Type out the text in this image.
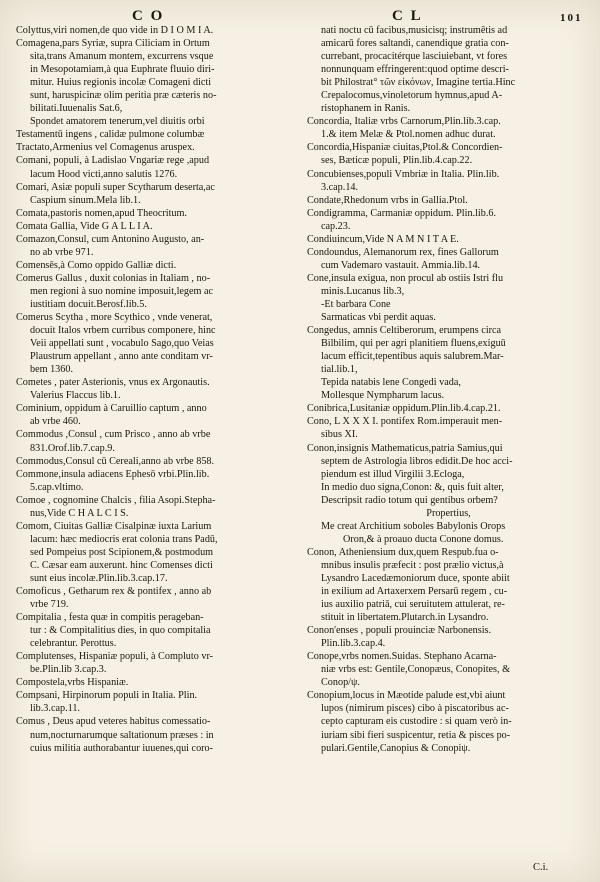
C O	C L	101

Colyttus,viri nomen,de quo vide in D I O M I A.

Comagena,pars Syriæ, supra Ciliciam in Ortum

sita,trans Amanum montem, excurrens vsque

in Mesopotamiam,à qua Euphrate fluuio diri-

mitur. Huius regionis incolæ Comageni dicti

sunt, haruspicinæ olim peritia præ cæteris no-

bilitati.Iuuenalis Sat.6,

Spondet amatorem tenerum,vel diuitis orbi

Testamentū ingens , calidæ pulmone columbæ

Tractato,Armenius vel Comagenus aruspex.

Comani, populi, à Ladislao Vngariæ rege ,apud

lacum Hood victi,anno salutis 1276.

Comari, Asiæ populi super Scytharum deserta,ac

Caspium sinum.Mela lib.1.

Comata,pastoris nomen,apud Theocritum.

Comata Gallia, Vide G A L L I A.

Comazon,Consul, cum Antonino Augusto, an-

no ab vrbe 971.

Comensēs,à Como oppido Galliæ dicti.

Comerus Gallus , duxit colonias in Italiam , no-

men regioni à suo nomine imposuit,legem ac

iustitiam docuit.Berosf.lib.5.

Comerus Scytha , more Scythico , vnde venerat,

docuit Italos vrbem curribus componere, hinc

Veii appellati sunt , vocabulo Sago,quo Veias

Plaustrum appellant , anno ante conditam vr-

bem 1360.

Cometes , pater Asterionis, vnus ex Argonautis.

Valerius Flaccus lib.1.

Cominium, oppidum à Caruillio captum , anno

ab vrbe 460.

Commodus ,Consul , cum Prisco , anno ab vrbe

831.Orof.lib.7.cap.9.

Commodus,Consul cū Cereali,anno ab vrbe 858.

Commone,insula adiacens Ephesō vrbi.Plin.lib.

5.cap.vltimo.

Comoe , cognomine Chalcis , filia Asopi.Stepha-

nus,Vide C H A L C I S.

Comom, Ciuitas Galliæ Cisalpinæ iuxta Larium

lacum: hæc mediocris erat colonia trans Padū,

sed Pompeius post Scipionem,& postmodum

C. Cæsar eam auxerunt. hinc Comenses dicti

sunt eius incolæ.Plin.lib.3.cap.17.

Comoficus , Getharum rex & pontifex , anno ab

vrbe 719.

Compitalia , festa quæ in compitis perageban-

tur : & Compitalitius dies, in quo compitalia

celebrantur. Perottus.

Complutenses, Hispaniæ populi, à Compluto vr-

be.Plin.lib 3.cap.3.

Compostela,vrbs Hispaniæ.

Compsani, Hirpinorum populi in Italia. Plin.

lib.3.cap.11.

Comus , Deus apud veteres habitus comessatio-

num,nocturnarumque saltationum præses : in

cuius militia authorabantur iuuenes,qui coro-

nati noctu cū facibus,musicisq; instrumētis ad

amicarū fores saltandi, canendique gratia con-

currebant, procacitérque lasciuiebant, vt fores

nonnunquam effringerent:quod optime descri-

bit Philostrat° τῶν εἰκόνων, Imagine tertia.Hinc

Crepalocomus,vinoletorum hymnus,apud A-

ristophanem in Ranis.

Concordia, Italiæ vrbs Carnorum,Plin.lib.3.cap.

1.& item Melæ & Ptol.nomen adhuc durat.

Concordia,Hispaniæ ciuitas,Ptol.& Concordien-

ses, Bæticæ populi, Plin.lib.4.cap.22.

Concubienses,populi Vmbriæ in Italia. Plin.lib.

3.cap.14.

Condate,Rhedonum vrbs in Gallia.Ptol.

Condigramma, Carmaniæ oppidum. Plin.lib.6.

cap.23.

Condiuincum,Vide N A M N I T A E.

Condoundus, Alemanorum rex, fines Gallorum

cum Vademaro vastauit. Ammia.lib.14.

Cone,insula exigua, non procul ab ostiis Istri flu

minis.Lucanus lib.3,

-Et barbara Cone

Sarmaticas vbi perdit aquas.

Congedus, amnis Celtiberorum, erumpens circa

Bilbilim, qui per agri planitiem fluens,exiguū

lacum efficit,tepentibus aquis salubrem.Mar-

tial.lib.1,

Tepida natabis lene Congedi vada,

Mollesque Nympharum lacus.

Conibrica,Lusitaniæ oppidum.Plin.lib.4.cap.21.

Cono, L X X X I. pontifex Rom.imperauit men-

sibus XI.

Conon,insignis Mathematicus,patria Samius,qui

septem de Astrologia libros edidit.De hoc acci-

piendum est illud Virgilii 3.Ecloga,

In medio duo signa,Conon: &, quis fuit alter,

Descripsit radio totum qui gentibus orbem?

Propertius,

Me creat Architium soboles Babylonis Orops

Oron,& à proauo ducta Conone domus.

Conon, Atheniensium dux,quem Respub.fua o-

mnibus insulis præfecit : post prælio victus,à

Lysandro Lacedæmoniorum duce, sponte abiit

in exilium ad Artaxerxem Persarū regem , cu-

ius auxilio patriā, cui seruitutem attulerat, re-

stituit in libertatem.Plutarch.in Lysandro.

Conon'enses , populi prouinciæ Narbonensis.

Plin.lib.3.cap.4.

Conope,vrbs nomen.Suidas. Stephano Acarna-

niæ vrbs est: Gentile,Conopæus, Conopites, &

Conop/ψ.

Conopium,locus in Mæotide palude est,vbi aiunt

lupos (nimirum pisces) cibo à piscatoribus ac-

cepto capturam eis custodire : si quam verò in-

iuriam sibi fieri suspicentur, retia & pisces po-

pulari.Gentile,Canopius & Conopiψ.

C.i.
